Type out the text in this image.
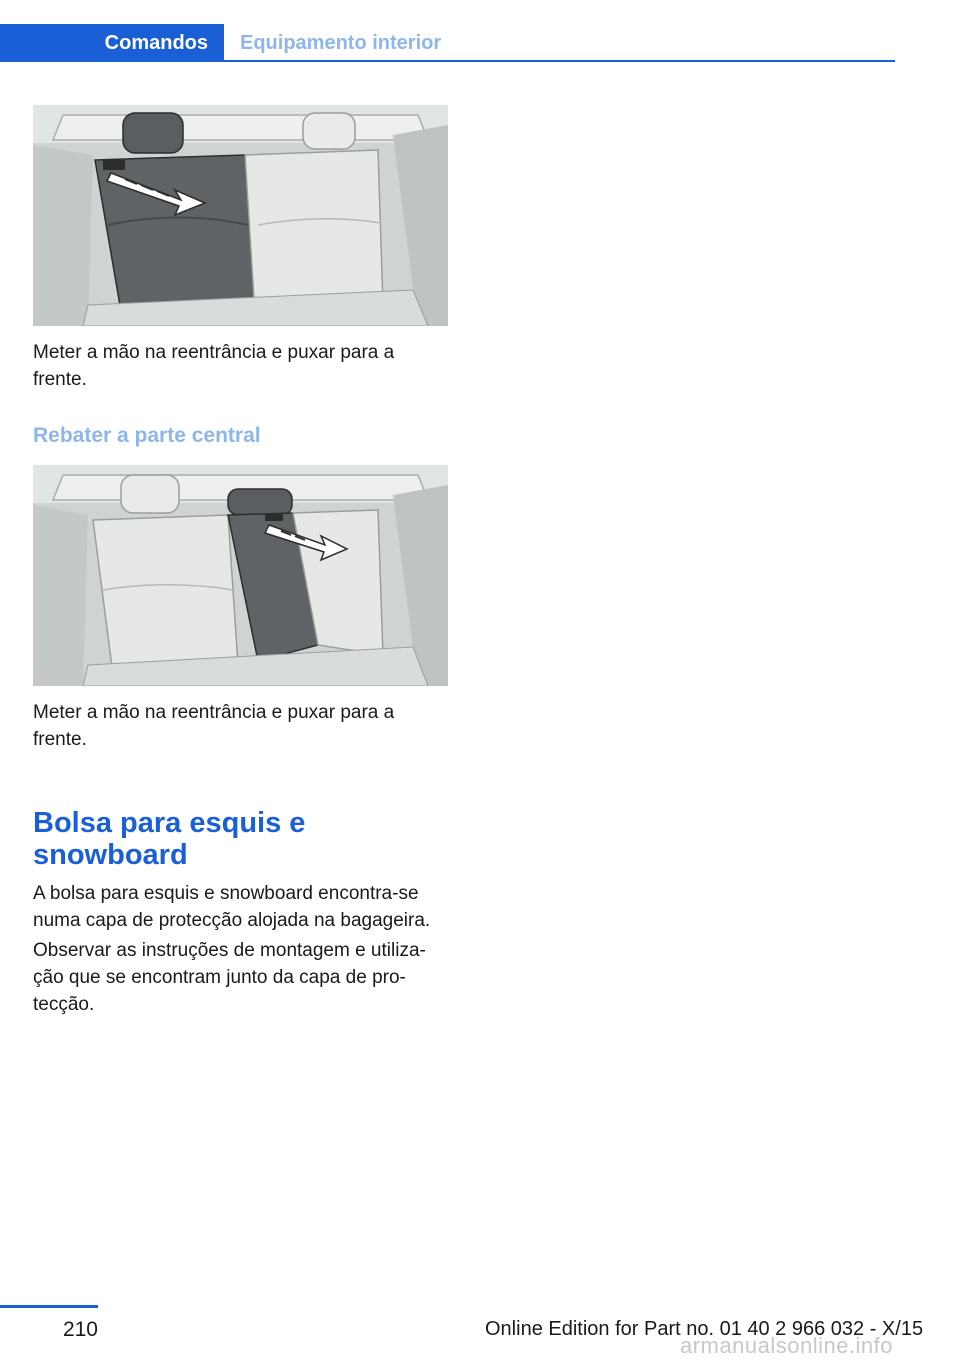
Comandos	Equipamento interior
Meter a mão na reentrância e puxar para a frente.
Rebater a parte central
Meter a mão na reentrância e puxar para a frente.
Bolsa para esquis e snowboard
A bolsa para esquis e snowboard encontra-se numa capa de protecção alojada na bagageira.
Observar as instruções de montagem e utiliza-ção que se encontram junto da capa de pro-tecção.
210	Online Edition for Part no. 01 40 2 966 032 - X/15
armanualsonline.info
